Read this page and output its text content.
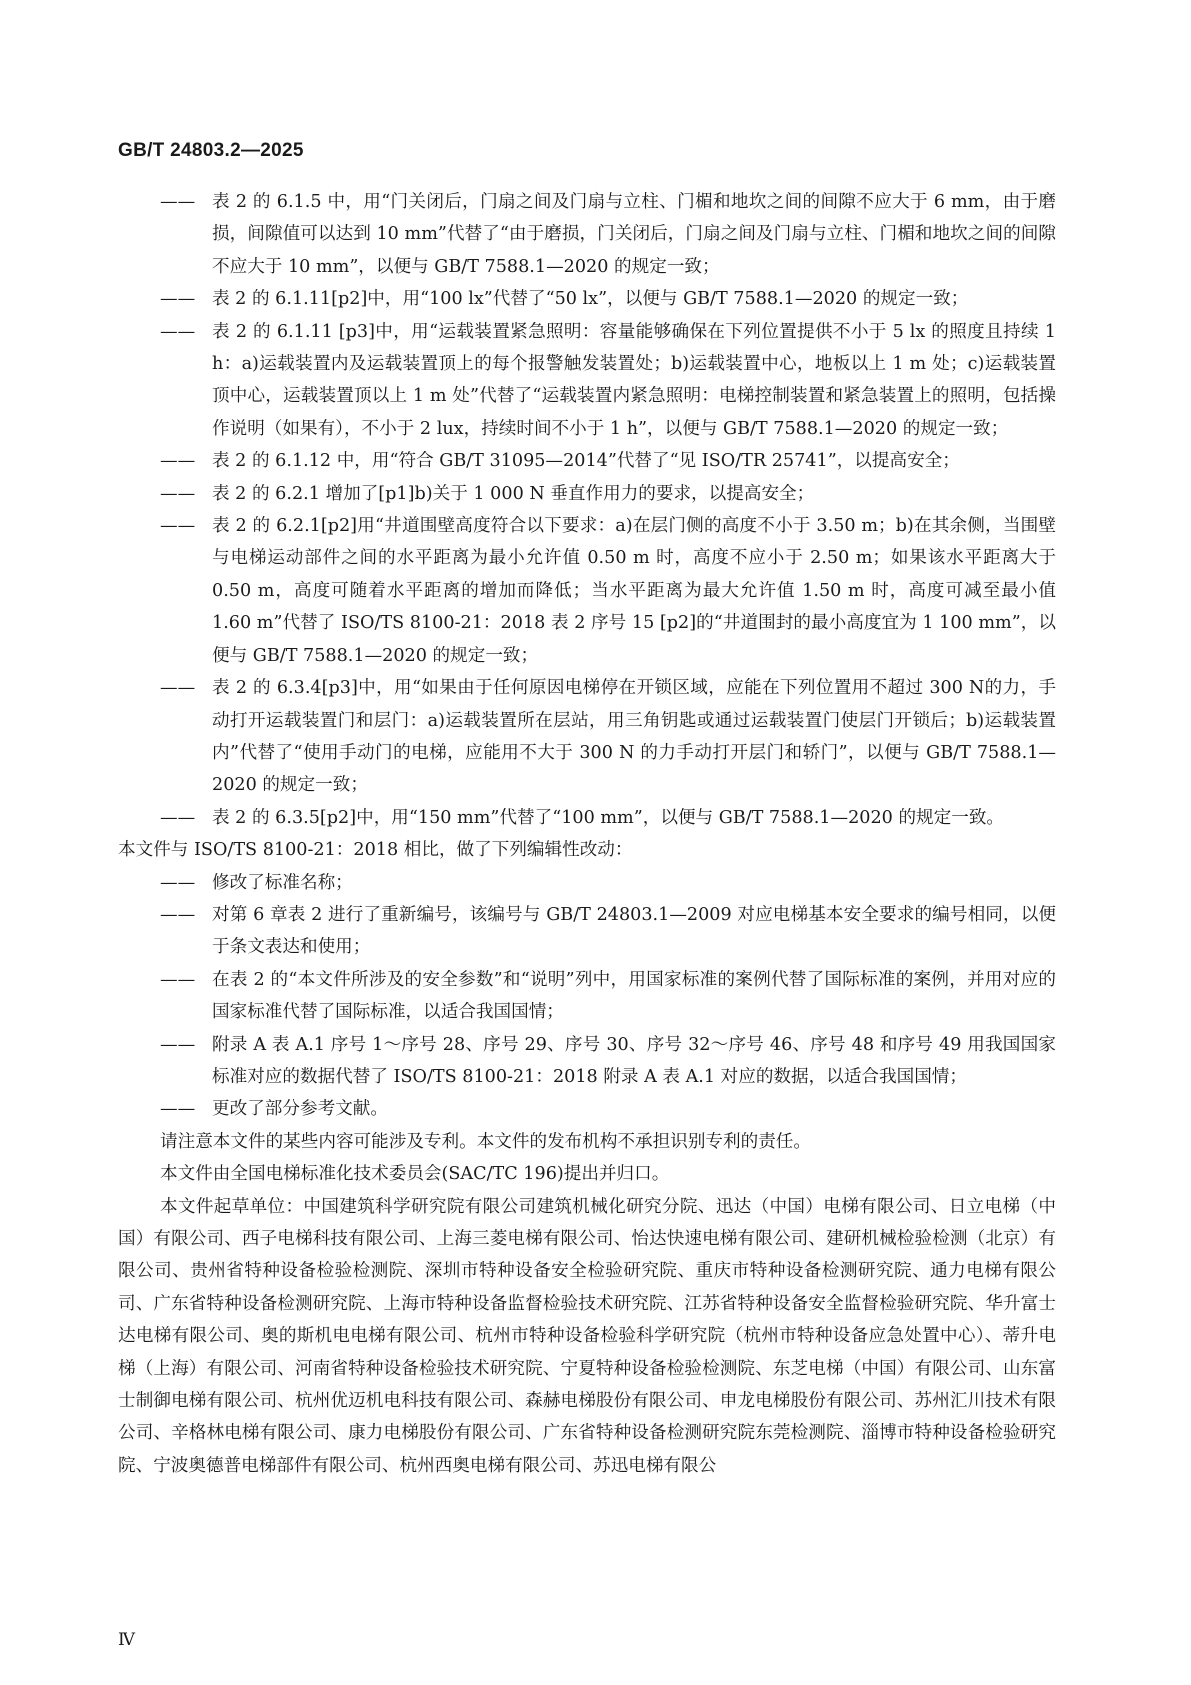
GB/T 24803.2—2025
—— 表 2 的 6.1.5 中，用“门关闭后，门扇之间及门扇与立柱、门楣和地坎之间的间隙不应大于 6 mm，由于磨损，间隙值可以达到 10 mm”代替了“由于磨损，门关闭后，门扇之间及门扇与立柱、门楣和地坎之间的间隙不应大于 10 mm”，以便与 GB/T 7588.1—2020 的规定一致；
—— 表 2 的 6.1.11[p2]中，用“100 lx”代替了“50 lx”，以便与 GB/T 7588.1—2020 的规定一致；
—— 表 2 的 6.1.11 [p3]中，用“运载装置紧急照明：容量能够确保在下列位置提供不小于 5 lx 的照度且持续 1 h：a)运载装置内及运载装置顶上的每个报警触发装置处；b)运载装置中心，地板以上 1 m 处；c)运载装置顶中心，运载装置顶以上 1 m 处”代替了“运载装置内紧急照明：电梯控制装置和紧急装置上的照明，包括操作说明（如果有），不小于 2 lux，持续时间不小于 1 h”，以便与 GB/T 7588.1—2020 的规定一致；
—— 表 2 的 6.1.12 中，用“符合 GB/T 31095—2014”代替了“见 ISO/TR 25741”，以提高安全；
—— 表 2 的 6.2.1 增加了[p1]b)关于 1 000 N 垂直作用力的要求，以提高安全；
—— 表 2 的 6.2.1[p2]用“井道围壁高度符合以下要求：a)在层门侧的高度不小于 3.50 m；b)在其余侧，当围壁与电梯运动部件之间的水平距离为最小允许值 0.50 m 时，高度不应小于 2.50 m；如果该水平距离大于 0.50 m，高度可随着水平距离的增加而降低；当水平距离为最大允许值 1.50 m 时，高度可减至最小值 1.60 m”代替了 ISO/TS 8100-21：2018 表 2 序号 15 [p2]的“井道围封的最小高度宜为 1 100 mm”，以便与 GB/T 7588.1—2020 的规定一致；
—— 表 2 的 6.3.4[p3]中，用“如果由于任何原因电梯停在开锁区域，应能在下列位置用不超过 300 N的力，手动打开运载装置门和层门：a)运载装置所在层站，用三角钥匙或通过运载装置门使层门开锁后；b)运载装置内”代替了“使用手动门的电梯，应能用不大于 300 N 的力手动打开层门和轿门”，以便与 GB/T 7588.1—2020 的规定一致；
—— 表 2 的 6.3.5[p2]中，用“150 mm”代替了“100 mm”，以便与 GB/T 7588.1—2020 的规定一致。
本文件与 ISO/TS 8100-21：2018 相比，做了下列编辑性改动：
—— 修改了标准名称；
—— 对第 6 章表 2 进行了重新编号，该编号与 GB/T 24803.1—2009 对应电梯基本安全要求的编号相同，以便于条文表达和使用；
—— 在表 2 的“本文件所涉及的安全参数”和“说明”列中，用国家标准的案例代替了国际标准的案例，并用对应的国家标准代替了国际标准，以适合我国国情；
—— 附录 A 表 A.1 序号 1～序号 28、序号 29、序号 30、序号 32～序号 46、序号 48 和序号 49 用我国国家标准对应的数据代替了 ISO/TS 8100-21：2018 附录 A 表 A.1 对应的数据，以适合我国国情；
—— 更改了部分参考文献。
请注意本文件的某些内容可能涉及专利。本文件的发布机构不承担识别专利的责任。
本文件由全国电梯标准化技术委员会(SAC/TC 196)提出并归口。
本文件起草单位：中国建筑科学研究院有限公司建筑机械化研究分院、迅达（中国）电梯有限公司、日立电梯（中国）有限公司、西子电梯科技有限公司、上海三菱电梯有限公司、怡达快速电梯有限公司、建研机械检验检测（北京）有限公司、贵州省特种设备检验检测院、深圳市特种设备安全检验研究院、重庆市特种设备检测研究院、通力电梯有限公司、广东省特种设备检测研究院、上海市特种设备监督检验技术研究院、江苏省特种设备安全监督检验研究院、华升富士达电梯有限公司、奥的斯机电电梯有限公司、杭州市特种设备检验科学研究院（杭州市特种设备应急处置中心）、蒂升电梯（上海）有限公司、河南省特种设备检验技术研究院、宁夏特种设备检验检测院、东芝电梯（中国）有限公司、山东富士制御电梯有限公司、杭州优迈机电科技有限公司、森赫电梯股份有限公司、申龙电梯股份有限公司、苏州汇川技术有限公司、辛格林电梯有限公司、康力电梯股份有限公司、广东省特种设备检测研究院东莞检测院、淄博市特种设备检验研究院、宁波奥德普电梯部件有限公司、杭州西奥电梯有限公司、苏迅电梯有限公
Ⅳ
